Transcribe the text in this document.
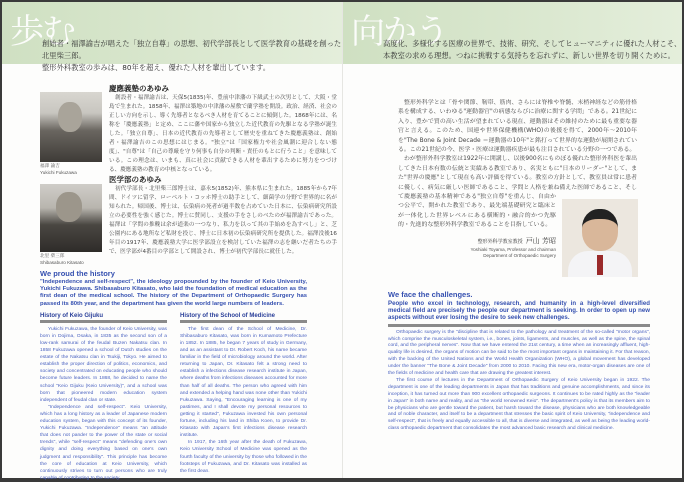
歩む
創始者・福澤諭吉が唱えた「独立自尊」の思想、初代学部長として医学教育の基礎を創った北里柴三郎。
整形外科教室の歩みは、80年を超え、優れた人材を輩出しています。
福澤 諭吉
Yukichi Fukuzawa
慶應義塾のあゆみ
創設者・福澤諭吉は、天保5(1835)年、豊前中津藩の下級武士の次男として、大阪・堂島で生まれた。1858年、福澤は築地の中津藩の屋敷で蘭学塾を開設。政治、経済、社会の正しい方向を示し、導く先導者となるべき人材を育てることに傾倒した。1868年には、名称を「慶應義塾」と定め、ここに藩や国家から独立した近代教育の先駆となる学塾が誕生した。「独立自尊」、日本の近代教育の先導者として歴史を重ねてきた慶應義塾は、創始者・福澤諭吉のこの思想にはじまる。"独立"は「国家権力や社会風潮に迎合しない態度」、"自尊"は「自己の尊厳を守り何事も自分の判断・責任のもとに行うこと」を意味している。この理念は、いまも、真に社会に貢献できる人材を輩出するために努力をつづける、慶應義塾の教育の中核となっている。
北里 柴三郎
Shibasaburo Kitasato
医学部のあゆみ
初代学部長・北里柴三郎博士は、嘉永5(1852)年、熊本県に生まれた。1885年から7年間、ドイツに留学、ローベルト・コッホ博士の助手として、細菌学の分野で世界的に名が知られた。帰国後、博士は、伝染病の死者が過半数を占めていた日本に、伝染病研究所設立の必要性を強く感じた。博士に賛同し、支援の手をさしのべたのが福澤諭吉であった。福澤は「学問の推輓は余が道楽の一つなり、私力を以って其の手始めを為すべし」と、芝公園内にある地所など私財を投じ、博士に日本初の伝染病研究所を提供した。福澤没後16年目の1917年、慶應義塾大学に医学部設立を検討していた福澤の志を継いだ者たちの手で、医学部が4番目の学部として開設され、博士が初代学部長に就任した。
We proud the history
"Independence and self-respect", the ideology propounded by the founder of Keio University, Yukichi Fukuzawa. Shibasaburo Kitasato, who laid the foundation of medical education as the first dean of the medical school. The history of the Department of Orthopaedic Surgery has passed its 80th year, and the department has given the world large numbers of leaders.
History of Keio Gijuku

Yukichi Fukuzawa, the founder of Keio University, was born in Dojima, Osaka, in 1835 as the second son of a low-rank samurai of the feudal Buzen Nakatsu clan. In 1858 Fukuzawa opened a school of Dutch studies on the estate of the Nakatsu clan in Tsukiji, Tokyo. He aimed to establish the proper direction of politics, economics, and society and concentrated on educating people who should become future leaders. In 1868, he decided to name the school "Keio Gijuku (Keio University)", and a school was born that pioneered modern education system independent of feudal clan or state.

"Independence and self-respect". Keio University, which has a long history as a leader of Japanese modern education system, began with this concept of its founder, Yukichi Fukuzawa. "Independence" means "an attitude that does not pander to the power of the state or social trends", while "self-respect" means "defending one's own dignity and doing everything based on one's own judgment and responsibility". This principle has become the core of education at Keio University, which continuously strives to turn out persons who are truly capable of contributing to the society.

History of the School of Medicine

The first dean of the School of Medicine, Dr. Shibasaburo Kitasato, was born in Kumamoto Prefecture in 1852. In 1885, he began 7 years of study in Germany, and as an assistant to Dr. Robert Koch, his name became familiar in the field of microbiology around the world. After returning to Japan, Dr. Kitasato felt a strong need to establish a infections disease research institute in Japan, where deaths from infections diseases accounted for more than half of all deaths. The person who agreed with him and extended a helping hand was none other than Yukichi Fukuzawa. Saying, "Encouraging learning is one of my pastimes, and I shall devote my personal resources to getting it started", Fukuzawa invested his own personal fortune, including his land in Shiba Koen, to provide Dr. Kitasato with Japan's first infections disease research institute.

In 1917, the 16th year after the death of Fukuzawa, Keio University School of Medicine was opened as the fourth faculty of the university by those who followed in the footsteps of Fukuzawa, and Dr. Kitasato was installed as the first dean.

向かう
高度化、多様化する医療の世界で、技術、研究、そしてヒューマニティに優れた人材こそ、
本教室の求める理想。つねに挑戦する気持ちを忘れずに、新しい世界を切り開くために。

整形外科学とは「骨や関節、靭帯、筋肉、さらには脊椎や脊髄、末梢神経などの筋骨格系を構成する、いわゆる"運動器官"の病態ならびに治療に関する学問」である。21世紀に入り、豊かで質の高い生活が望まれている現在、運動器はその維持のために最も重要な器官と言える。このため、国連や世界保健機構(WHO)の後援を得て、2000年～2010年を"The Bone & Joint Decade ＝運動器の10年"と銘打って世界的な運動が展開されている。この21世紀の今、医学・医療は運動器疾患が最も注目されている分野の一つである。

わが整形外科学教室は1922年に開講し、以後900名にものぼる優れた整形外科医を輩出してきた日本有数の伝統と実績ある教室であり、名実ともに"日本のリーダー"として、また"世界の慶應"として現在も高い評価を得ている。教室の方針として、教室員は常に患者に優しく、病気に厳しい医師であること、学問と人格を兼ね備えた医師であること、そして慶應義塾の基本精神である"独立自尊"を重んじ、自由かつ公平で、開かれた教室であり、最先端基礎研究と臨床とが一体化した世界レベルにある横断的・融合的かつ先駆的・先進的な整形外科学教室であることを目指している。

整形外科学教室教授 戸山 芳昭
Yoshiaki Toyama, Professor and chairman
Department of Orthopaedic Surgery
We face the challenges.
People who excel in technology, research, and humanity in a high-level diversified medical field are precisely the people our department is seeking. In order to open up new aspects without ever losing the desire to seek new challenges.

Orthopaedic surgery is the "discipline that is related to the pathology and treatment of the so-called "motor organs", which comprise the musculoskeletal system, i.e., bones, joints, ligaments, and muscles, as well as the spine, the spinal cord, and the peripheral nerves". Now that we have entered the 21st century, a time when an increasingly affluent, high-quality life is desired, the organs of motion can be said to be the most important organs in maintaining it. For that reason, with the backing of the United Nations and the World Health Organization (WHO), a global movement has developed under the banner "The Bone & Joint Decade" from 2000 to 2010. Facing this new era, motor-organ diseases are one of the fields of medicine and health care that are drawing the greatest interest.

The first course of lectures in the Department of Orthopaedic Surgery of Keio University began in 1922. The department is one of the leading departments in Japan that has traditions and genuine accomplishments, and since its inception, it has turned out more than 900 excellent orthopaedic surgeons. It continues to be rated highly as the "leader in Japan" in both name and reality, and as "the world renowned Keio". The department's policy is that its members aim to be physicians who are gentle toward the patient, but harsh toward the disease, physicians who are both knowledgeable and of noble character, and itself to be a department that stresses the basic spirit of Keio University, "independence and self-respect", that is freely and equally accessible to all, that is diverse and integrated, as well as being the leading world-class orthopaedic department that consolidates the most advanced basic research and clinical medicine.
